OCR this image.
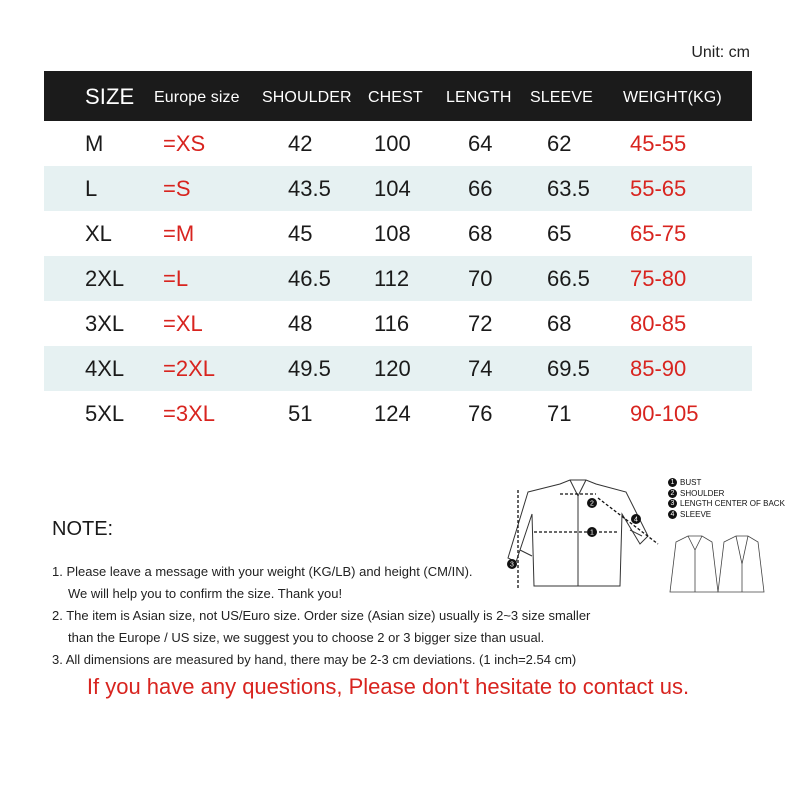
Unit: cm
SIZE Europe size SHOULDER CHEST LENGTH SLEEVE WEIGHT(KG)
M	=XS	42	100	64 62	45-55
L	=S	43.5 104	66 63.5 55-65
XL =M	45	108	68 65	65-75
2XL =L	46.5 112	70 66.5 75-80
3XL =XL	48	116	72 68	80-85
4XL =2XL	49.5 120	74 69.5 85-90
5XL =3XL	51	124	76 71	90-105
1
2
3
4
1 BUST
2 SHOULDER
3 LENGTH CENTER OF BACK
4 SLEEVE
NOTE:
1. Please leave a message with your weight (KG/LB) and height (CM/IN).
We will help you to confirm the size. Thank you!
2. The item is Asian size, not US/Euro size. Order size (Asian size) usually is 2~3 size smaller
than the Europe / US size, we suggest you to choose 2 or 3 bigger size than usual.
3. All dimensions are measured by hand, there may be 2-3 cm deviations. (1 inch=2.54 cm)
If you have any questions, Please don't hesitate to contact us.
